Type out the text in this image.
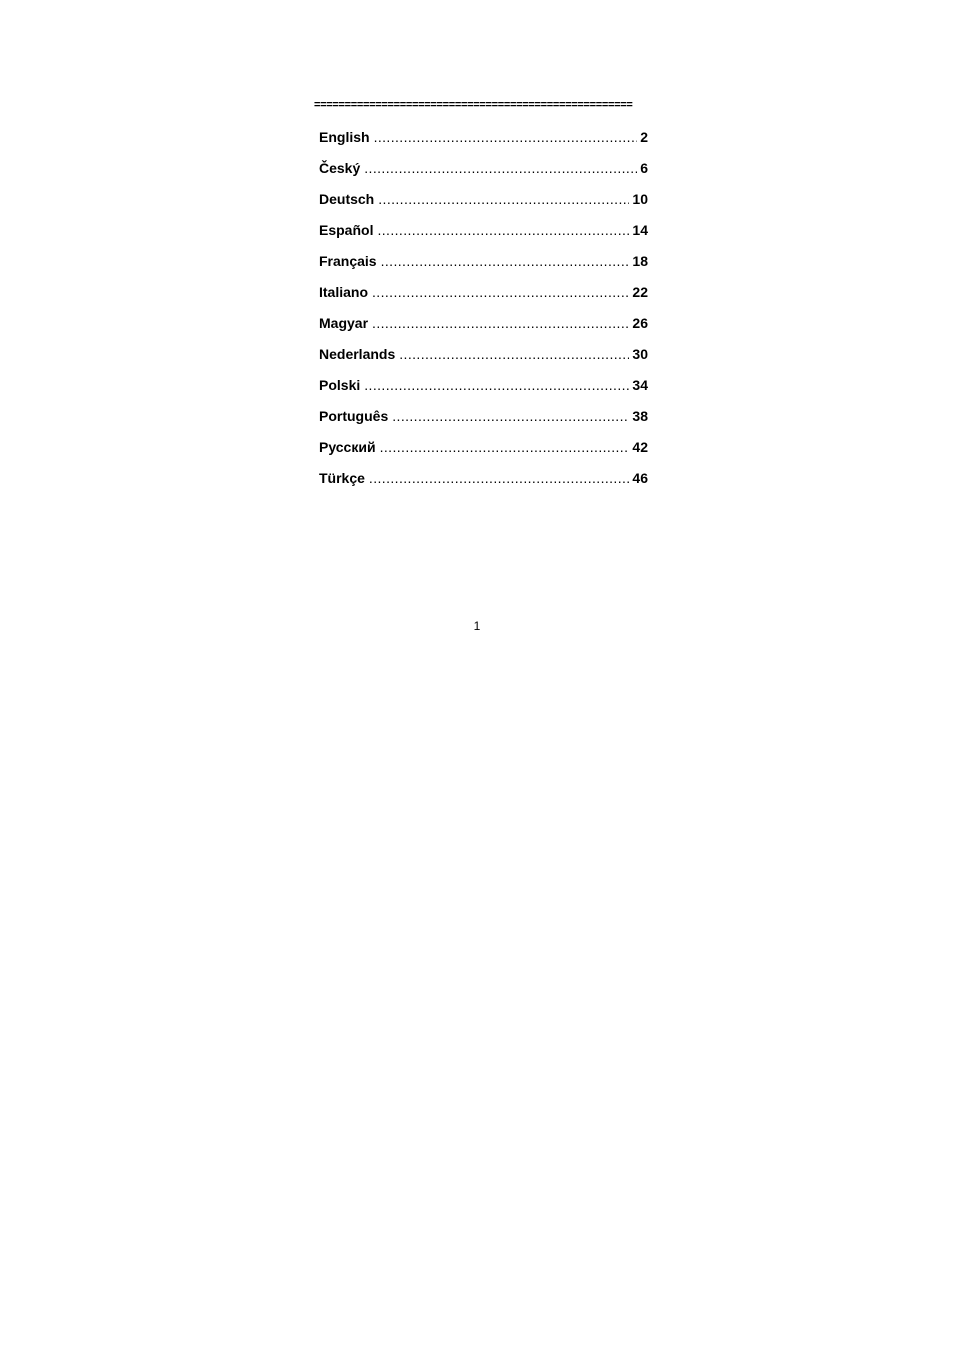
====================================================
English .....	2
Český .....	6
Deutsch .....	10
Español .....	14
Français .....	18
Italiano .....	22
Magyar .....	26
Nederlands .....	30
Polski .....	34
Português .....	38
Русский .....	42
Türkçe .....	46
1
